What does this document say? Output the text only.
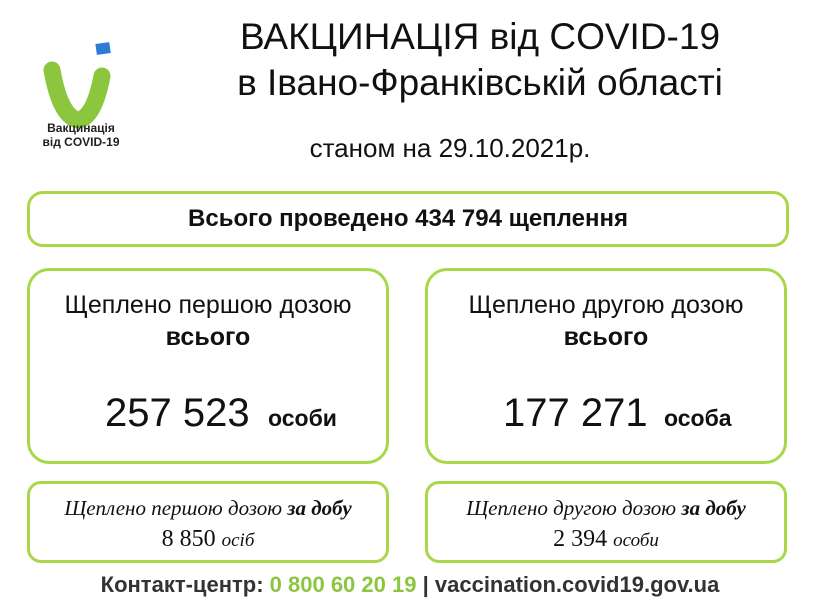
Вакцинація
від COVID-19
ВАКЦИНАЦІЯ від COVID-19
в Івано-Франківській області
станом на 29.10.2021р.
Всього проведено 434 794 щеплення
Щеплено першою дозою
всього
257 523 особи
Щеплено другою дозою
всього
177 271 особа
Щеплено першою дозою за добу
8 850 осіб
Щеплено другою дозою за добу
2 394 особи
Контакт-центр: 0 800 60 20 19 | vaccination.covid19.gov.ua
